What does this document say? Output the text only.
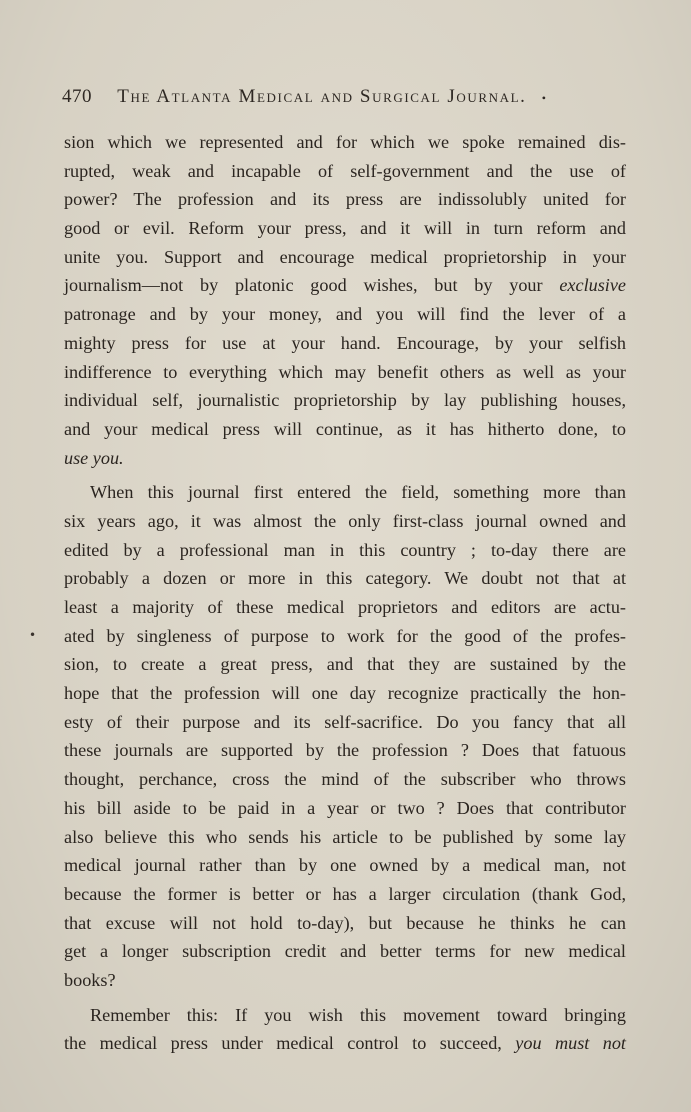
470 The Atlanta Medical and Surgical Journal. •
•
sion which we represented and for which we spoke remained dis-
rupted, weak and incapable of self-government and the use of
power? The profession and its press are indissolubly united for
good or evil. Reform your press, and it will in turn reform and
unite you. Support and encourage medical proprietorship in your
journalism—not by platonic good wishes, but by your exclusive
patronage and by your money, and you will find the lever of a
mighty press for use at your hand. Encourage, by your selfish
indifference to everything which may benefit others as well as your
individual self, journalistic proprietorship by lay publishing houses,
and your medical press will continue, as it has hitherto done, to
use you.
When this journal first entered the field, something more than
six years ago, it was almost the only first-class journal owned and
edited by a professional man in this country ; to-day there are
probably a dozen or more in this category. We doubt not that at
least a majority of these medical proprietors and editors are actu-
ated by singleness of purpose to work for the good of the profes-
sion, to create a great press, and that they are sustained by the
hope that the profession will one day recognize practically the hon-
esty of their purpose and its self-sacrifice. Do you fancy that all
these journals are supported by the profession ? Does that fatuous
thought, perchance, cross the mind of the subscriber who throws
his bill aside to be paid in a year or two ? Does that contributor
also believe this who sends his article to be published by some lay
medical journal rather than by one owned by a medical man, not
because the former is better or has a larger circulation (thank God,
that excuse will not hold to-day), but because he thinks he can
get a longer subscription credit and better terms for new medical
books?
Remember this: If you wish this movement toward bringing
the medical press under medical control to succeed, you must not
